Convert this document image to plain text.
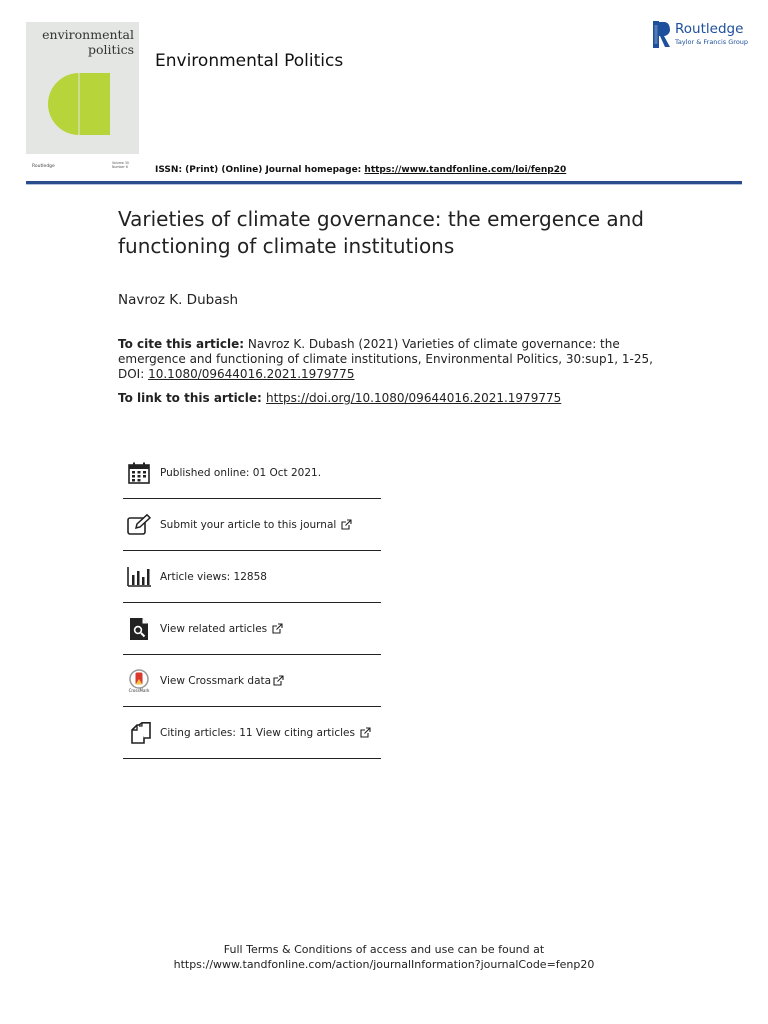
environmental
politics
Routledge
Volume 30 Number 6
Environmental Politics
Routledge
Taylor & Francis Group
ISSN: (Print) (Online) Journal homepage: https://www.tandfonline.com/loi/fenp20
Varieties of climate governance: the emergence and functioning of climate institutions
Navroz K. Dubash
To cite this article: Navroz K. Dubash (2021) Varieties of climate governance: the emergence and functioning of climate institutions, Environmental Politics, 30:sup1, 1-25, DOI: 10.1080/09644016.2021.1979775
To link to this article: https://doi.org/10.1080/09644016.2021.1979775
Published online: 01 Oct 2021.
Submit your article to this journal
Article views: 12858
View related articles
CrossMark
View Crossmark data
Citing articles: 11 View citing articles
Full Terms & Conditions of access and use can be found at
https://www.tandfonline.com/action/journalInformation?journalCode=fenp20
